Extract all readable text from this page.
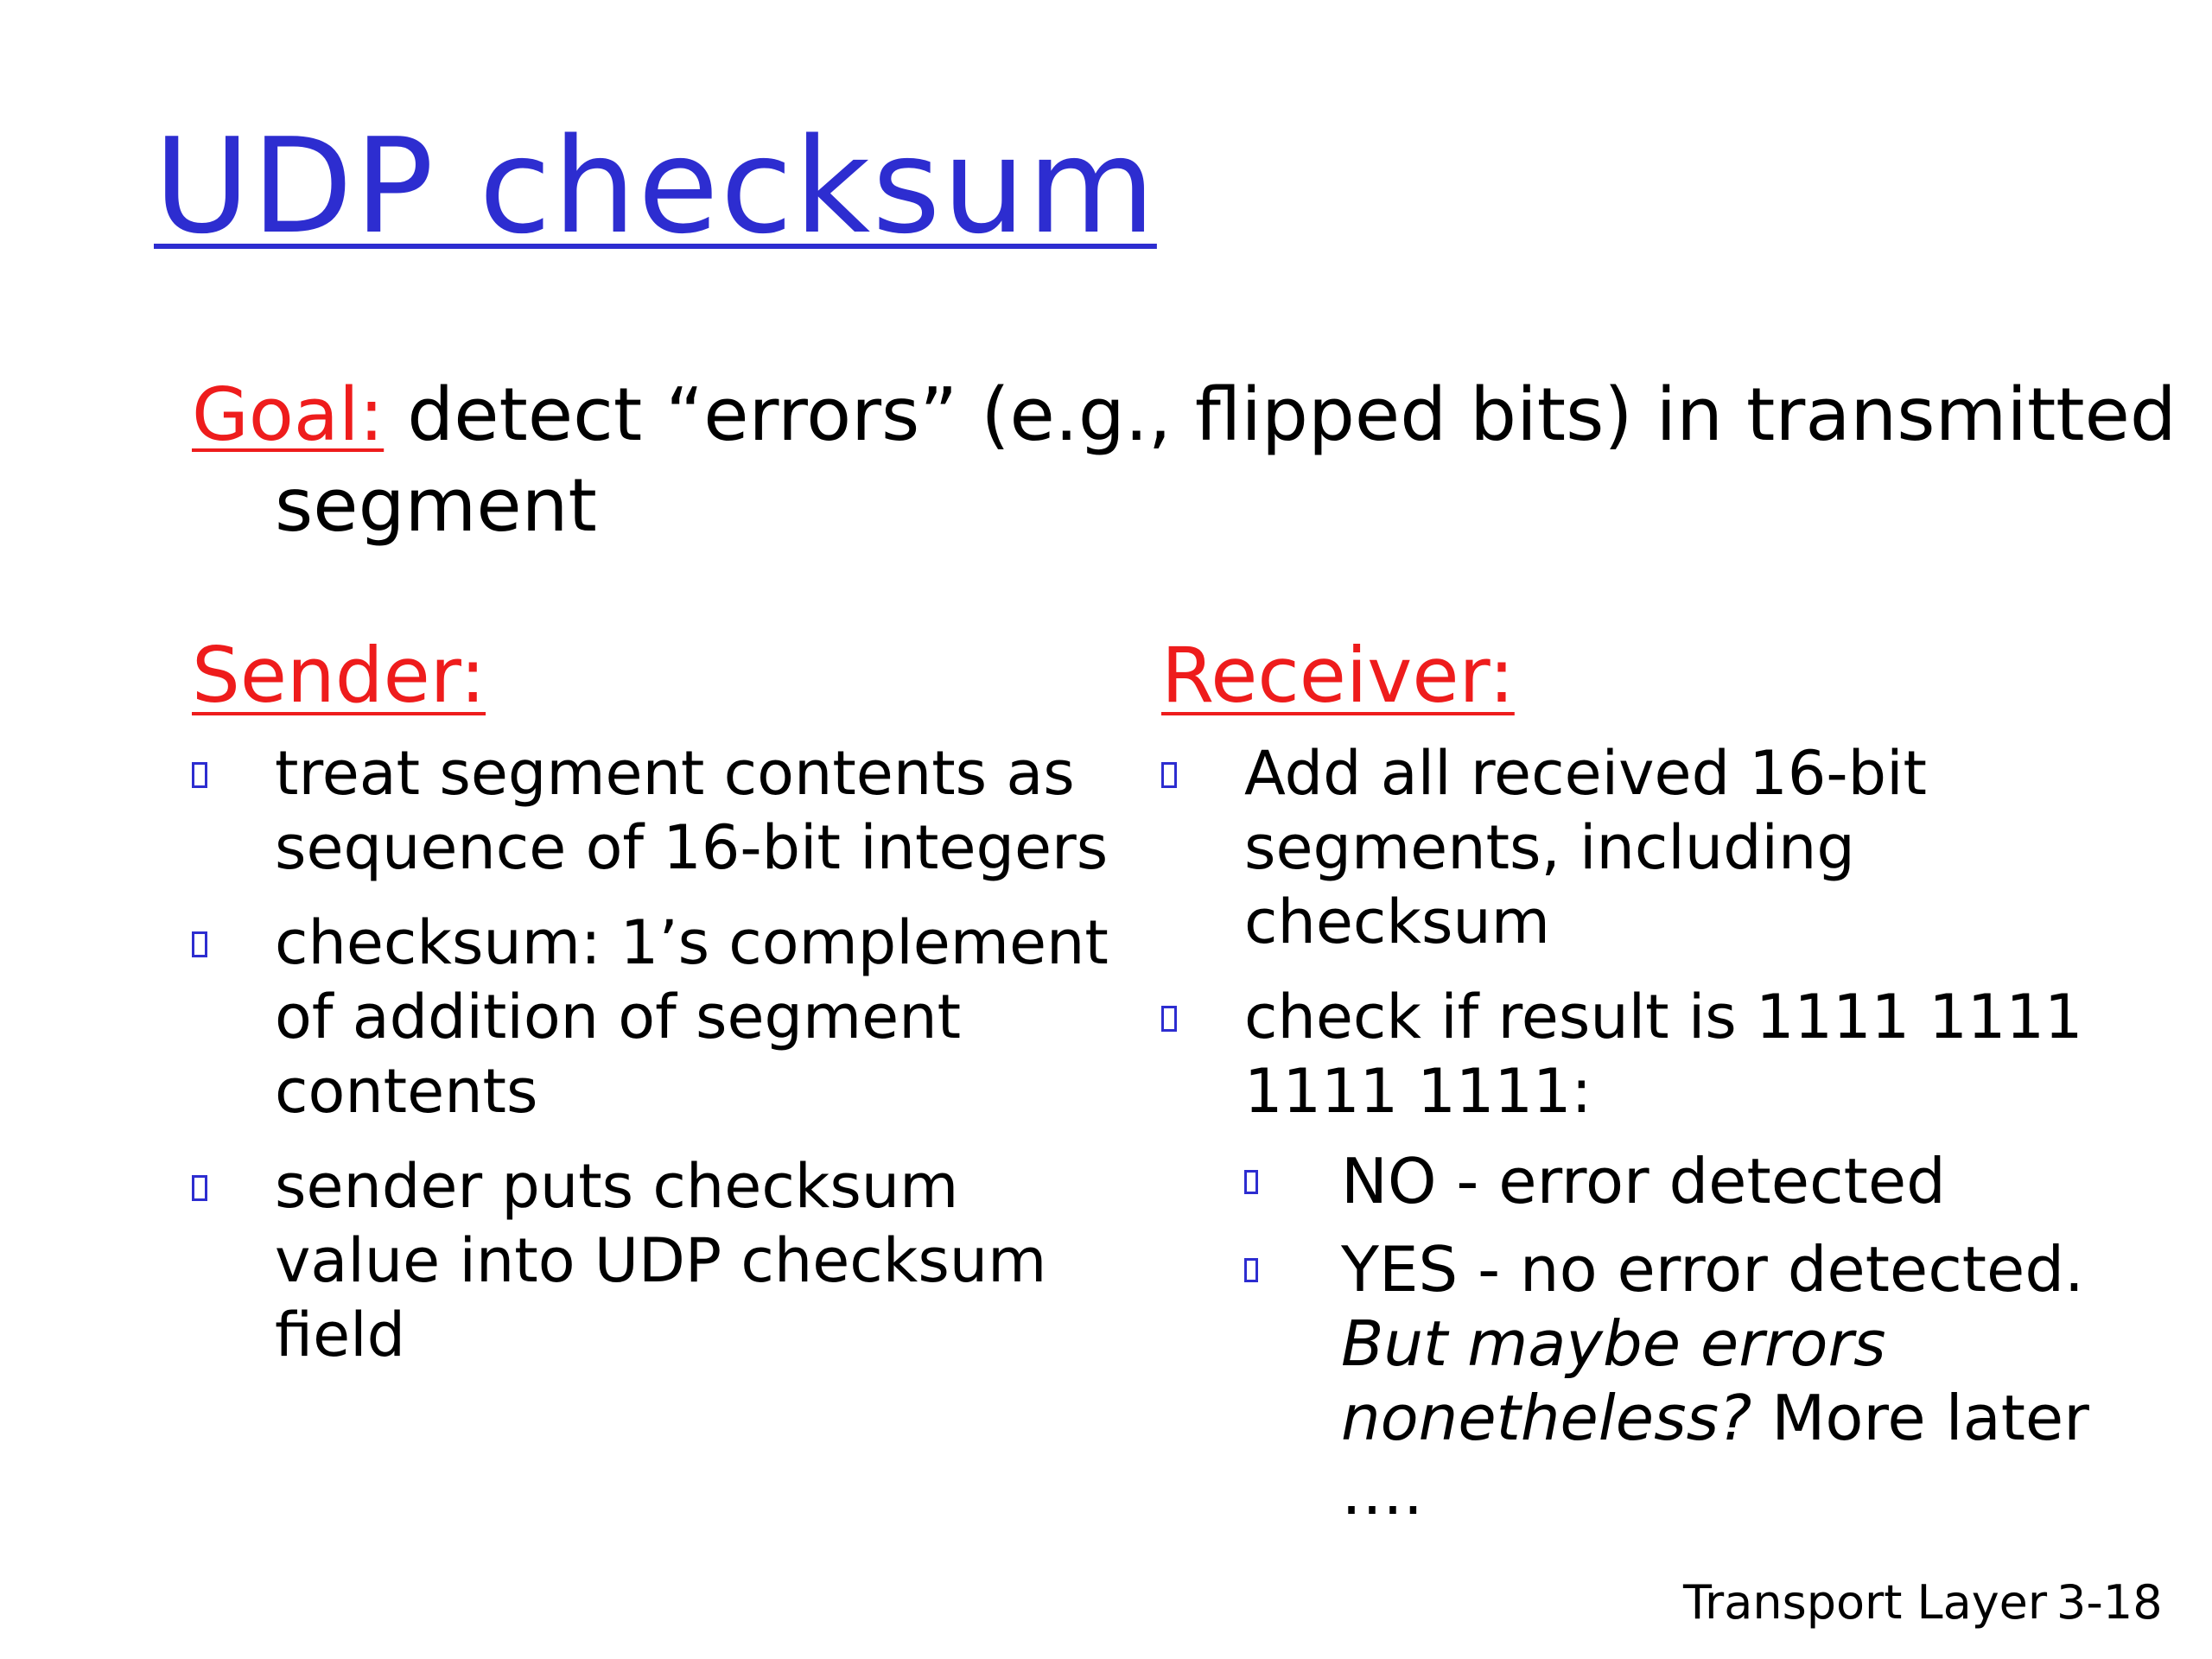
UDP checksum
Goal: detect “errors” (e.g., flipped bits) in transmitted segment
Sender:
treat segment contents as sequence of 16-bit integers
checksum: 1’s complement of addition of segment contents
sender puts checksum value into UDP checksum field
Receiver:
Add all received 16-bit segments, including checksum
check if result is 1111 1111 1111 1111:
NO - error detected
YES - no error detected. But maybe errors nonetheless? More later ….
Transport Layer 3-18
